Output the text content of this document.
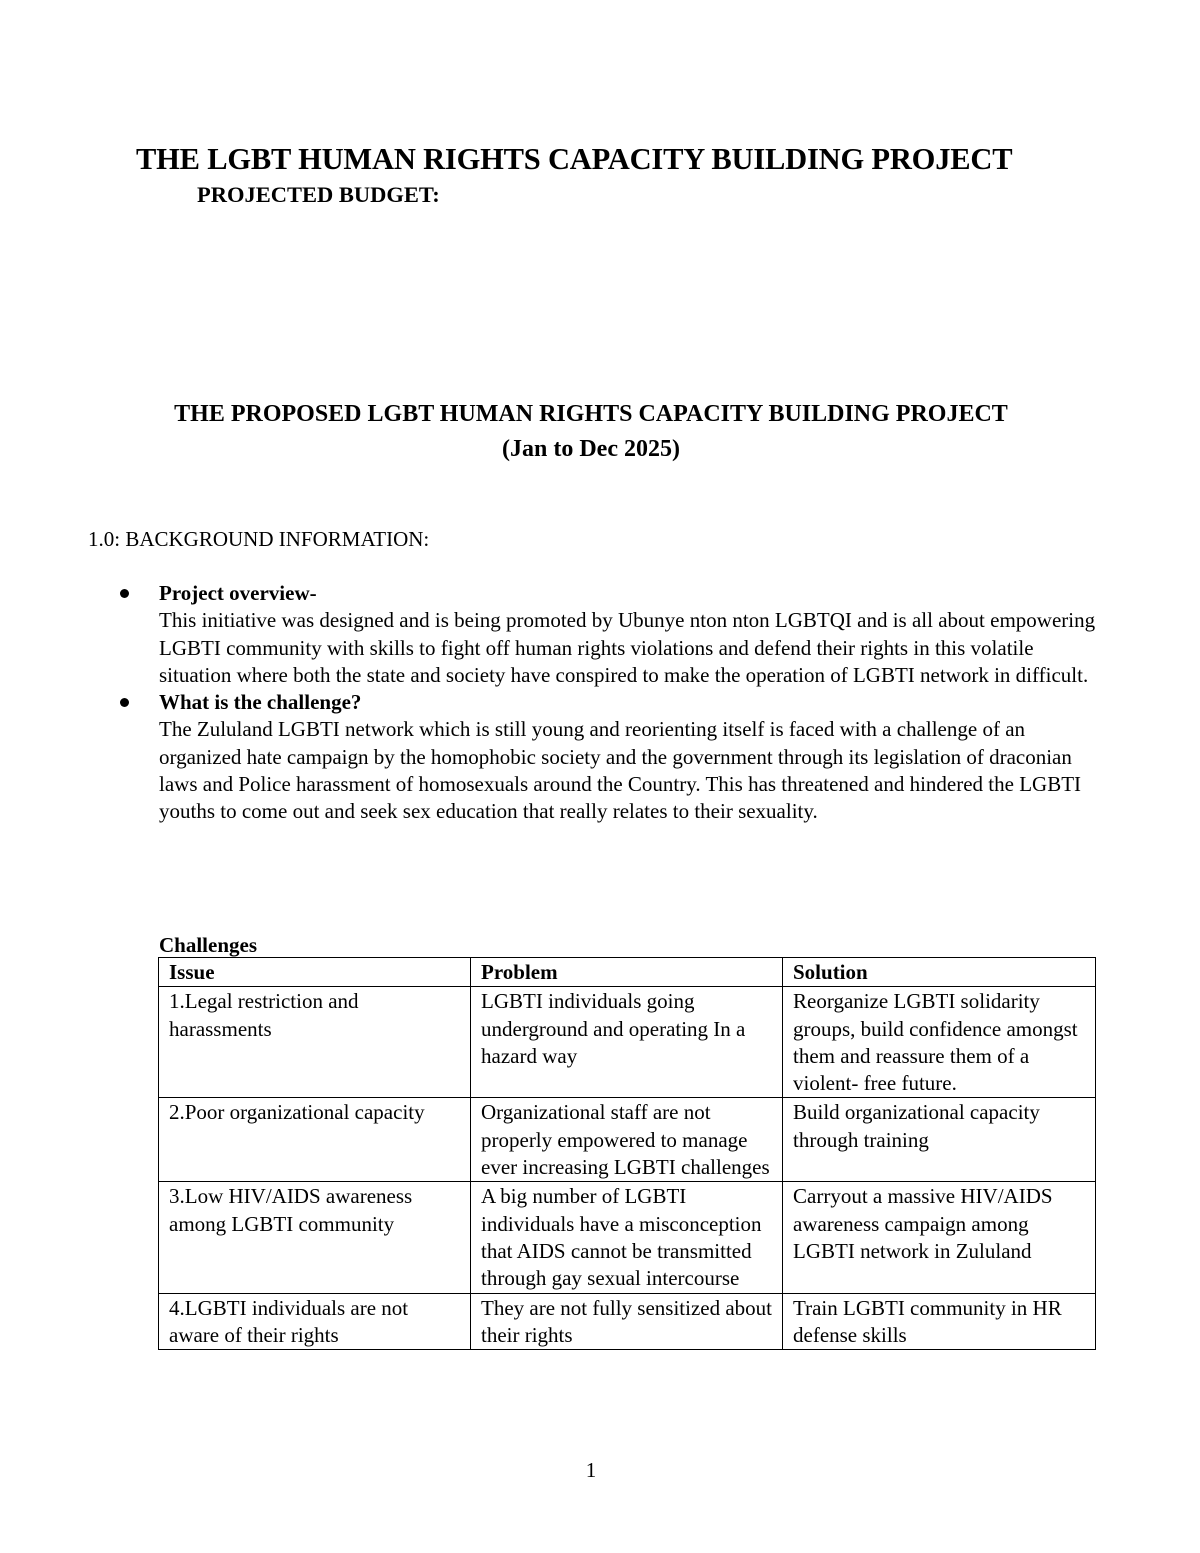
THE LGBT HUMAN RIGHTS CAPACITY BUILDING PROJECT
PROJECTED BUDGET:
THE PROPOSED LGBT HUMAN RIGHTS CAPACITY BUILDING PROJECT
(Jan to Dec 2025)
1.0: BACKGROUND INFORMATION:
Project overview-
This initiative was designed and is being promoted by Ubunye nton nton LGBTQI and is all about empowering LGBTI community with skills to fight off human rights violations and defend their rights in this volatile situation where both the state and society have conspired to make the operation of LGBTI network in difficult.
What is the challenge?
The Zululand LGBTI network which is still young and reorienting itself is faced with a challenge of an organized hate campaign by the homophobic society and the government through its legislation of draconian laws and Police harassment of homosexuals around the Country. This has threatened and hindered the LGBTI youths to come out and seek sex education that really relates to their sexuality.
Challenges
Issue	Problem	Solution
1.Legal restriction and harassments	LGBTI individuals going underground and operating In a hazard way	Reorganize LGBTI solidarity groups, build confidence amongst them and reassure them of a violent- free future.
2.Poor organizational capacity	Organizational staff are not properly empowered to manage ever increasing LGBTI challenges	Build organizational capacity through training
3.Low HIV/AIDS awareness among LGBTI community	A big number of LGBTI individuals have a misconception that AIDS cannot be transmitted through gay sexual intercourse	Carryout a massive HIV/AIDS awareness campaign among LGBTI network in Zululand
4.LGBTI individuals are not aware of their rights	They are not fully sensitized about their rights	Train LGBTI community in HR defense skills
1
